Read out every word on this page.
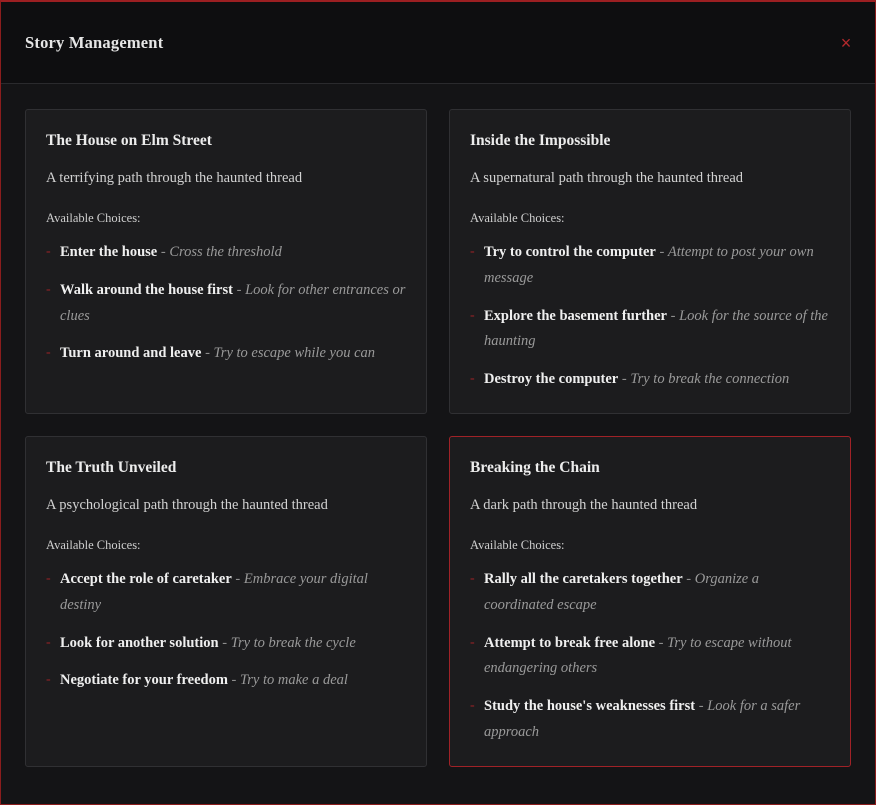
Story Management	×
The House on Elm Street
A terrifying path through the haunted thread
Available Choices:
- Enter the house - Cross the threshold
- Walk around the house first - Look for other entrances or clues
- Turn around and leave - Try to escape while you can
Inside the Impossible
A supernatural path through the haunted thread
Available Choices:
- Try to control the computer - Attempt to post your own message
- Explore the basement further - Look for the source of the haunting
- Destroy the computer - Try to break the connection
The Truth Unveiled
A psychological path through the haunted thread
Available Choices:
- Accept the role of caretaker - Embrace your digital destiny
- Look for another solution - Try to break the cycle
- Negotiate for your freedom - Try to make a deal
Breaking the Chain
A dark path through the haunted thread
Available Choices:
- Rally all the caretakers together - Organize a coordinated escape
- Attempt to break free alone - Try to escape without endangering others
- Study the house's weaknesses first - Look for a safer approach
